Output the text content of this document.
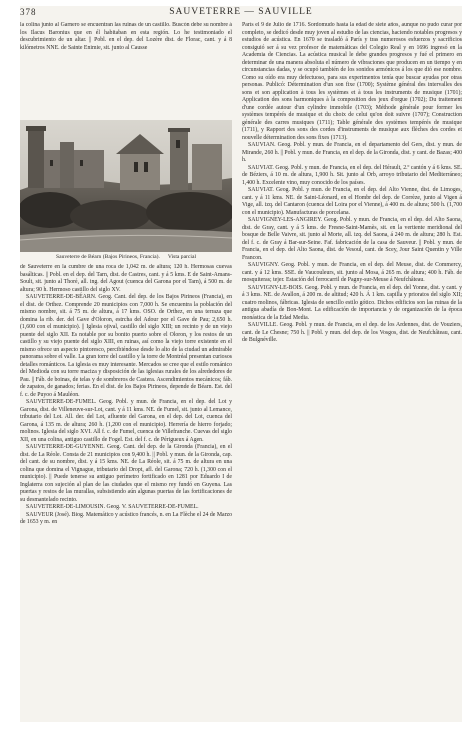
378	SAUVETERRE — SAUVILLE

la colina junto al Garnero se encuentran las ruinas de un castillo. Buscón debe su nombre á los Ilacus Baronius que en él habitaban en esta región. Lo he testimoniado el descubrimiento de un altar. || Pobl. en el dep. del Lozère dist. de Florac, cant. y á 8 kilómetros NNE. de Sainte Enimie, sit. junto al Causse

Sauveterre de Béarn (Bajos Pirineos, Francia). Vista parcial

de Sauveterre en la cumbre de una roca de 1,042 m. de altura; 120 h. Hermosas cuevas basálticas. || Pobl. en el dep. del Tarn, dist. de Castres, cant. y á 5 kms. E de Saint-Amans-Soult, sit. junto al Thoré, all. ing. del Agout (cuenca del Garona por el Tarn), á 500 m. de altura; 90 h. Hermoso castillo del siglo XV.

SAUVETERRE-DE-BÉARN. Geog. Cant. del dep. de los Bajos Pirineos (Francia), en el dist. de Orthez. Comprende 20 municipios con 7,000 h. Se encuentra la población del mismo nombre, sit. á 75 m. de altura, á 17 kms. OSO. de Orthez, en una terraza que domina la rib. der. del Gave d'Oloron, estrcha del Adour por el Gave de Pau; 2,650 h. (1,600 con el municipio). || Iglesia ojival, castillo del siglo XIII; un recinto y de un viejo puente del siglo XII. Es notable por su bonito puerto sobre el Oloron, y los restos de un castillo y su viejo puente del siglo XIII, en ruinas, así como la viejo torre existente en el mismo ofrece un aspecto pintoresco, percibiéndose desde lo alto de la ciudad un admirable panorama sobre el valle. La gran torre del castillo y la torre de Montréal presentan curiosos detalles románticos. La iglesia es muy interesante. Mercados se cree que el estilo románico del Medioda con su torre maciza y disposición de las iglesias rurales de los alrededores de Pau. || Fáb. de boinas, de telas y de sombreros de Castera. Ascendimientos mecánicos; fáb. de zapatos, de ganados; ferias. En el dist. de los Bajos Pirineos, depende de Béarn. Est. del f. c. de Puyoo á Mauléon.

SAUVETERRE-DE-FUMEL. Geog. Pobl. y mun. de Francia, en el dep. del Lot y Garona, dist. de Villeneuve-sur-Lot, cant. y á 11 kms. NE. de Fumel, sit. junto al Lemance, tributario del Lot. All. der. del Lot, afluente del Garona, en el dep. del Lot, cuenca del Garona, á 135 m. de altura; 260 h. (1,200 con el municipio). Herrería de hierro forjado; molinos. Iglesia del siglo XVI. All f. c. de Fumel, cuenca de Villefranche. Cuevas del siglo XII, en una colina, antiguo castillo de Fogel. Est. del f. c. de Périgueux á Agen.

SAUVETERRE-DE-GUYENNE. Geog. Cant. del dep. de la Gironda (Francia), en el dist. de La Réole. Consta de 21 municipios con 9,400 h. || Pobl. y mun. de la Gironda, cap. del cant. de su nombre, dist. y á 15 kms. NE. de La Réole, sit. á 75 m. de altura en una colina que domina el Vignague, tributario del Dropt, afl. del Garona; 720 h. (1,300 con el municipio). || Puede tenerse su antiguo perímetro fortificado en 1281 por Eduardo I de Inglaterra con sujeción al plan de las ciudades que el mismo rey fundó en Guyena. Las puertas y restos de las murallas, subsistiendo aún algunas puertas de las fortificaciones de su desmantelado recinto.

SAUVETERRE-DE-LIMOUSIN. Geog. V. SAUVETERRE-DE-FUMEL.

SAUVEUR (José). Biog. Matemático y acústico francés, n. en La Flèche el 24 de Marzo de 1653 y m. en

París el 9 de Julio de 1716. Sordomudo hasta la edad de siete años, aunque no pudo curar por completo, se dedicó desde muy joven al estudio de las ciencias, haciendo notables progresos y estudios de acústica. En 1670 se trasladó á París y tras numerosos esfuerzos y sacrificios consiguió ser á su vez profesor de matemáticas del Colegio Real y en 1696 ingresó en la Academia de Ciencias. La acústica musical le debe grandes progresos y fué el primero en determinar de una manera absoluta el número de vibraciones que producen en un tiempo y en circunstancias dadas, y se ocupó también de los sonidos armónicos á los que dió ese nombre. Como su oído era muy defectuoso, para sus experimentos tenía que buscar ayudas por otras personas. Publicó: Détermination d'un son fixe (1700); Système général des intervalles des sons et son application à tous les systèmes et à tous les instruments de musique (1701); Application des sons harmoniques à la composition des jeux d'orgue (1702); Du traitement d'une cordée autour d'un cylindre immobile (1703); Méthode générale pour former les systèmes tempérés de musique et du choix de celui qu'on doit suivre (1707); Construction générale des carres musiques (1711); Table générale des systèmes tempérés de musique (1711), y Rapport des sons des cordes d'instruments de musique aux flèches des cordes et nouvelle détermination des sons fixes (1713).

SAUVIAN. Geog. Pobl. y mun. de Francia, en el departamento del Gers, dist. y mun. de Mirande, 260 h. || Pobl. y mun. de Francia, en el dep. de la Gironda, dist. y cant. de Bazas; 400 h.

SAUVIAT. Geog. Pobl. y mun. de Francia, en el dep. del Hérault, 2.º cantón y á 6 kms. SE. de Béziers, á 10 m. de altura, 1,900 h. Sit. junto al Orb, arroyo tributario del Mediterráneo; 1,400 h. Excelente vino, muy conocido de los países.

SAUVIAT. Geog. Pobl. y mun. de Francia, en el dep. del Alto Vienne, dist. de Limoges, cant. y á 11 kms. NE. de Saint-Léonard, en el Hombr del dep. de Corrèze, junto al Vigen á Vige, all. izq. del Cantaron (cuenca del Loira por el Vienne), á 400 m. de altura; 500 h. (1,700 con el municipio). Manufacturas de porcelana.

SAUVIGNEY-LES-ANGIREY. Geog. Pobl. y mun. de Francia, en el dep. del Alto Saona, dist. de Gray, cant. y á 5 kms. de Fresne-Saint-Mamès, sit. en la vertiente meridional del bosque de Belle Vaivre, sit. junto al Morte, all. izq. del Saona, á 240 m. de altura; 280 h. Est. del f. c. de Gray á Bar-sur-Seine. Faf. fabricación de la casa de Sauveur. || Pobl. y mun. de Francia, en el dep. del Alto Saona, dist. de Vesoul, cant. de Scey, Jour Saint Quentin y Ville Francon.

SAUVIGNY. Geog. Pobl. y mun. de Francia, en el dep. del Meuse, dist. de Commercy, cant. y á 12 kms. SSE. de Vaucouleurs, sit. junto al Mosa, á 265 m. de altura; 400 h. Fáb. de mosquiteras; tejer. Estación del ferrocarril de Pagny-sur-Meuse á Neufchâteau.

SAUVIGNY-LE-BOIS. Geog. Pobl. y mun. de Francia, en el dep. del Yonne, dist. y cant. y á 3 kms. NE. de Avallon, á 200 m. de altitud; 420 h. Á 1 km. capilla y prioratos del siglo XII; cuatro molinos, fábricas. Iglesia de sencillo estilo gótico. Dichos edificios son las ruinas de la antigua abadía de Bon-Mont. La edificación de importancia y de organización de la época monástica de la Edad Media.

SAUVILLE. Geog. Pobl. y mun. de Francia, en el dep. de los Ardennes, dist. de Vouziers, cant. de Le Chesne; 750 h. || Pobl. y mun. del dep. de los Vosgos, dist. de Neufchâteau, cant. de Bulgnéville.
